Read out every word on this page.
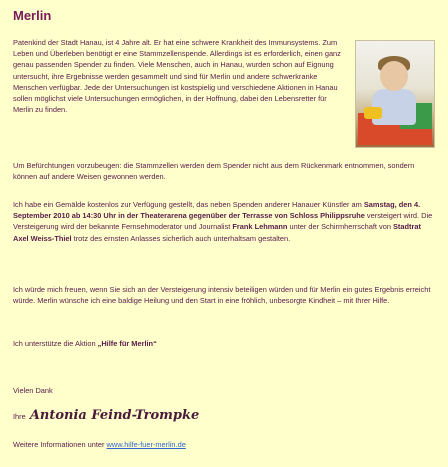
Merlin
Patenkind der Stadt Hanau, ist 4 Jahre alt. Er hat eine schwere Krankheit des Immunsystems. Zum Leben und Überleben benötigt er eine Stammzellenspende. Allerdings ist es erforderlich, einen ganz genau passenden Spender zu finden. Viele Menschen, auch in Hanau, wurden schon auf Eignung untersucht, ihre Ergebnisse werden gesammelt und sind für Merlin und andere schwerkranke Menschen verfügbar. Jede der Untersuchungen ist kostspielig und verschiedene Aktionen in Hanau sollen möglichst viele Untersuchungen ermöglichen, in der Hoffnung, dabei den Lebensretter für Merlin zu finden.
Um Befürchtungen vorzubeugen: die Stammzellen werden dem Spender nicht aus dem Rückenmark entnommen, sondern können auf andere Weisen gewonnen werden.
Ich habe ein Gemälde kostenlos zur Verfügung gestellt, das neben Spenden anderer Hanauer Künstler am Samstag, den 4. September 2010 ab 14:30 Uhr in der Theaterarena gegenüber der Terrasse von Schloss Philippsruhe versteigert wird. Die Versteigerung wird der bekannte Fernsehmoderator und Journalist Frank Lehmann unter der Schirmherrschaft von Stadtrat Axel Weiss-Thiel trotz des ernsten Anlasses sicherlich auch unterhaltsam gestalten.
Ich würde mich freuen, wenn Sie sich an der Versteigerung intensiv beteiligen würden und für Merlin ein gutes Ergebnis erreicht würde. Merlin wünsche ich eine baldige Heilung und den Start in eine fröhlich, unbesorgte Kindheit – mit Ihrer Hilfe.
Ich unterstütze die Aktion „Hilfe für Merlin“
Vielen Dank
Ihre Antonia Feind-Trompke
Weitere Informationen unter www.hilfe-fuer-merlin.de
